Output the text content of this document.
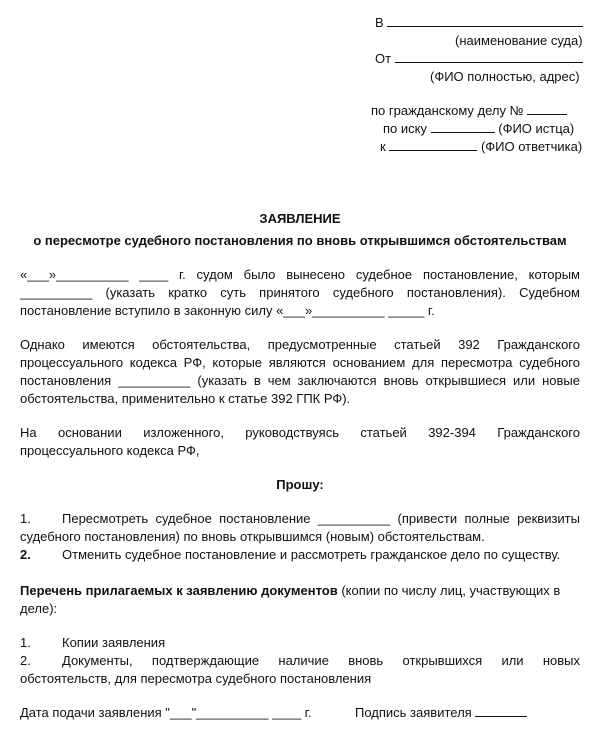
В
(наименование суда)
От
(ФИО полностью, адрес)
по гражданскому делу №
по иску	(ФИО истца)
к	(ФИО ответчика)
ЗАЯВЛЕНИЕ
о пересмотре судебного постановления по вновь открывшимся обстоятельствам
«___»__________ ____ г. судом было вынесено судебное постановление, которым
__________ (указать кратко суть принятого судебного постановления). Судебном
постановление вступило в законную силу «___»__________ _____ г.
Однако имеются обстоятельства, предусмотренные статьей 392 Гражданского
процессуального кодекса РФ, которые являются основанием для пересмотра судебного
постановления __________ (указать в чем заключаются вновь открывшиеся или новые
обстоятельства, применительно к статье 392 ГПК РФ).
На основании изложенного, руководствуясь статьей 392-394 Гражданского
процессуального кодекса РФ,
Прошу:
1. Пересмотреть судебное постановление __________ (привести полные реквизиты
судебного постановления) по вновь открывшимся (новым) обстоятельствам.
2. Отменить судебное постановление и рассмотреть гражданское дело по существу.
Перечень прилагаемых к заявлению документов (копии по числу лиц, участвующих в
деле):
1. Копии заявления
2. Документы, подтверждающие наличие вновь открывшихся или новых
обстоятельств, для пересмотра судебного постановления
Дата подачи заявления "___"__________ ____ г.	Подпись заявителя
